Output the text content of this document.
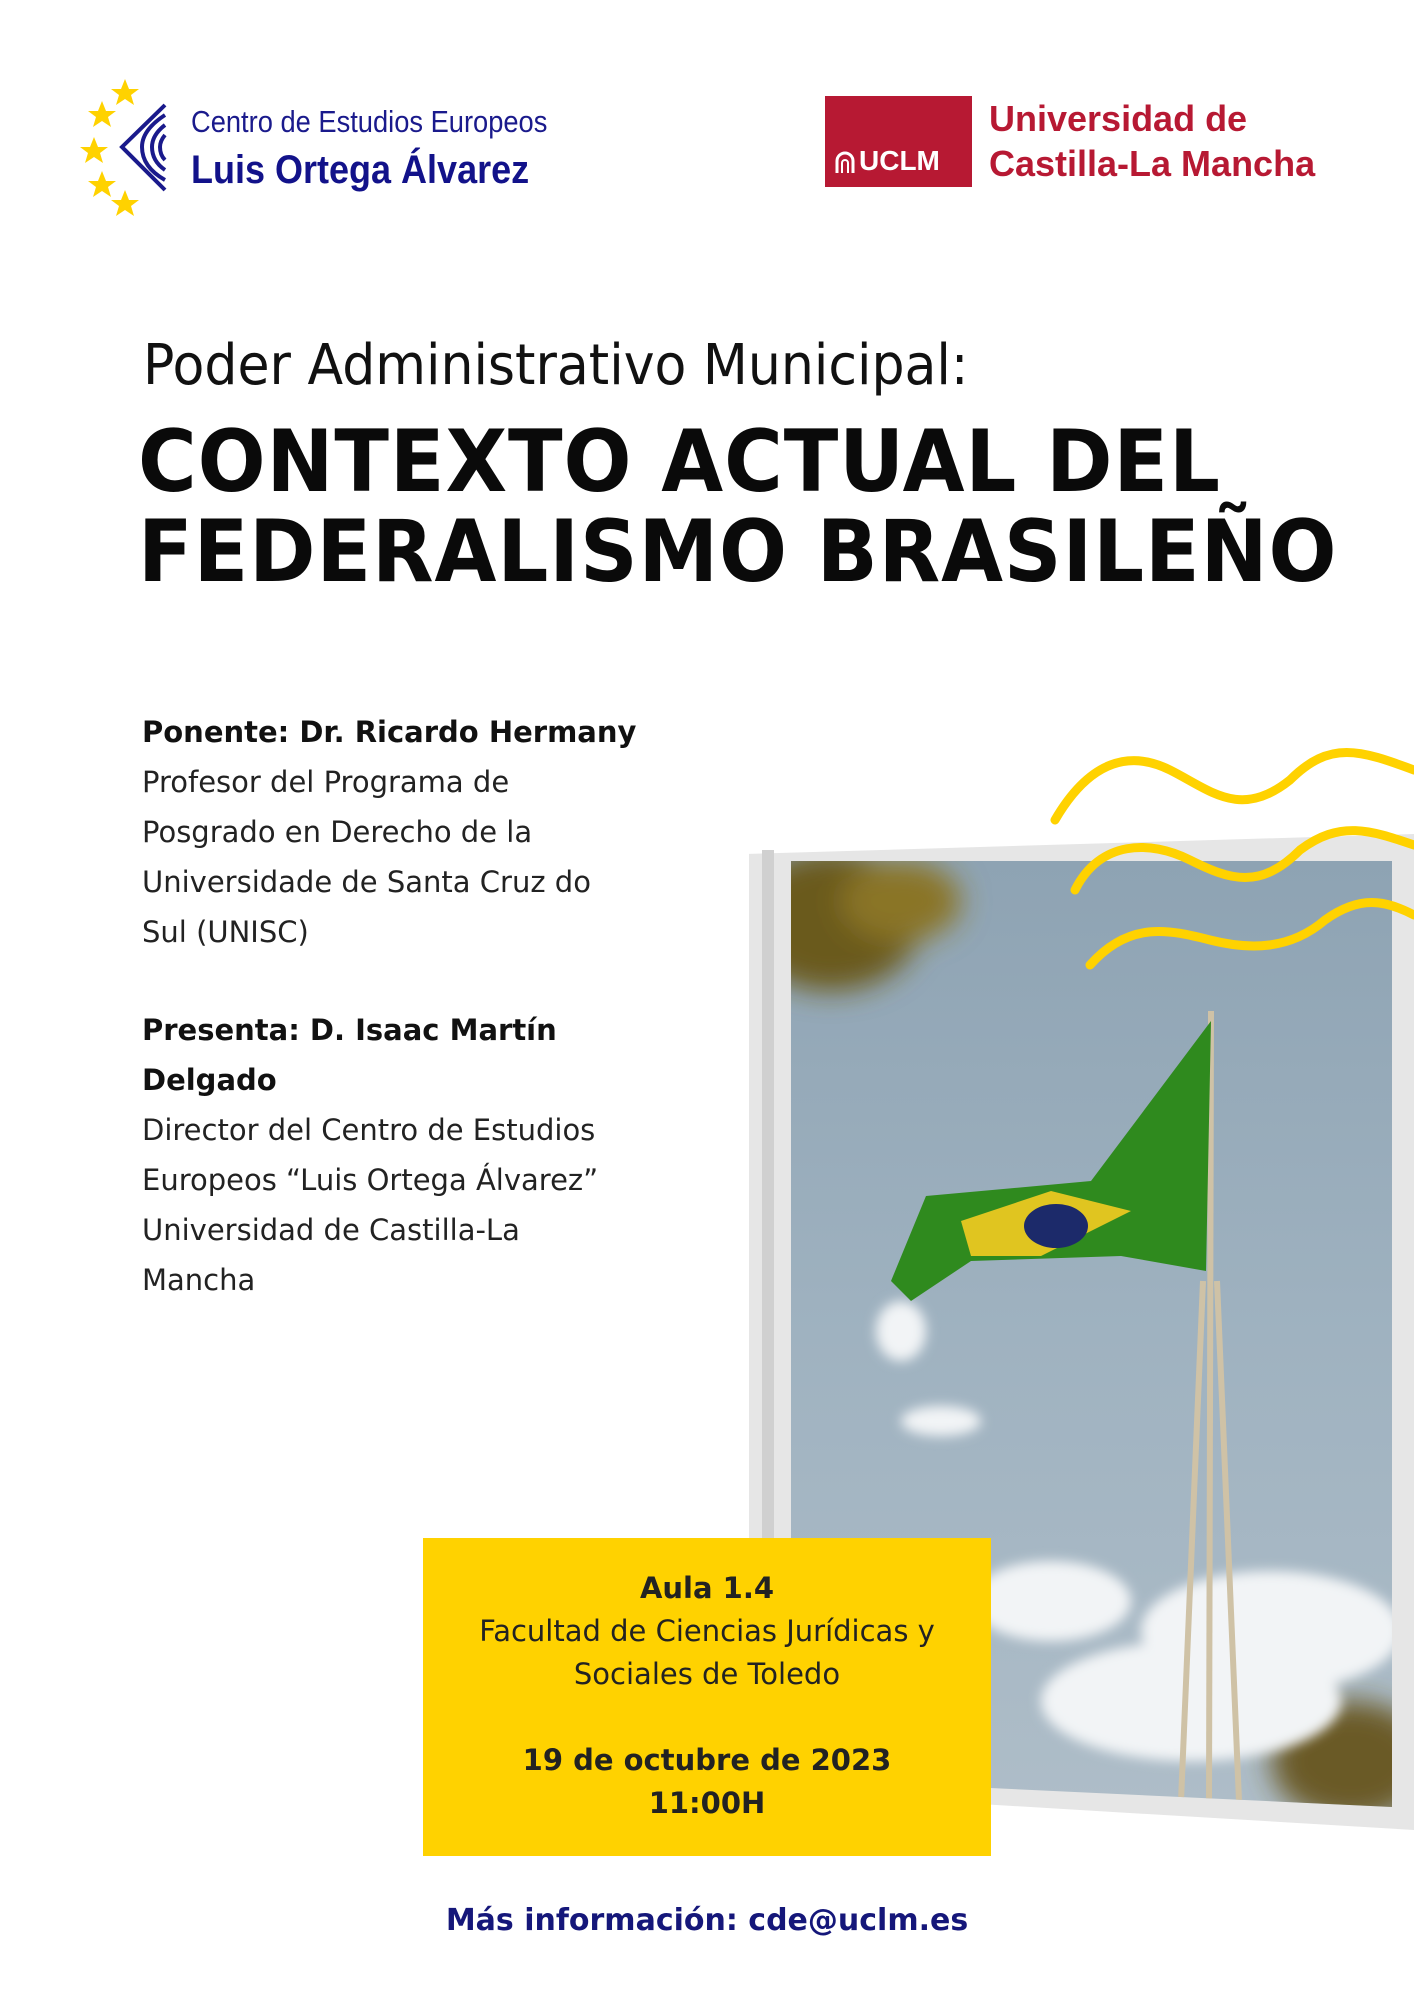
Centro de Estudios Europeos
Luis Ortega Álvarez	UCLM
Universidad de
Castilla-La Mancha
Poder Administrativo Municipal:
CONTEXTO ACTUAL DEL
FEDERALISMO BRASILEÑO
Ponente: Dr. Ricardo Hermany
Profesor del Programa de
Posgrado en Derecho de la
Universidade de Santa Cruz do
Sul (UNISC)
Presenta: D. Isaac Martín
Delgado
Director del Centro de Estudios
Europeos “Luis Ortega Álvarez”
Universidad de Castilla-La
Mancha
Aula 1.4
Facultad de Ciencias Jurídicas y
Sociales de Toledo
19 de octubre de 2023
11:00H
Más información: cde@uclm.es
